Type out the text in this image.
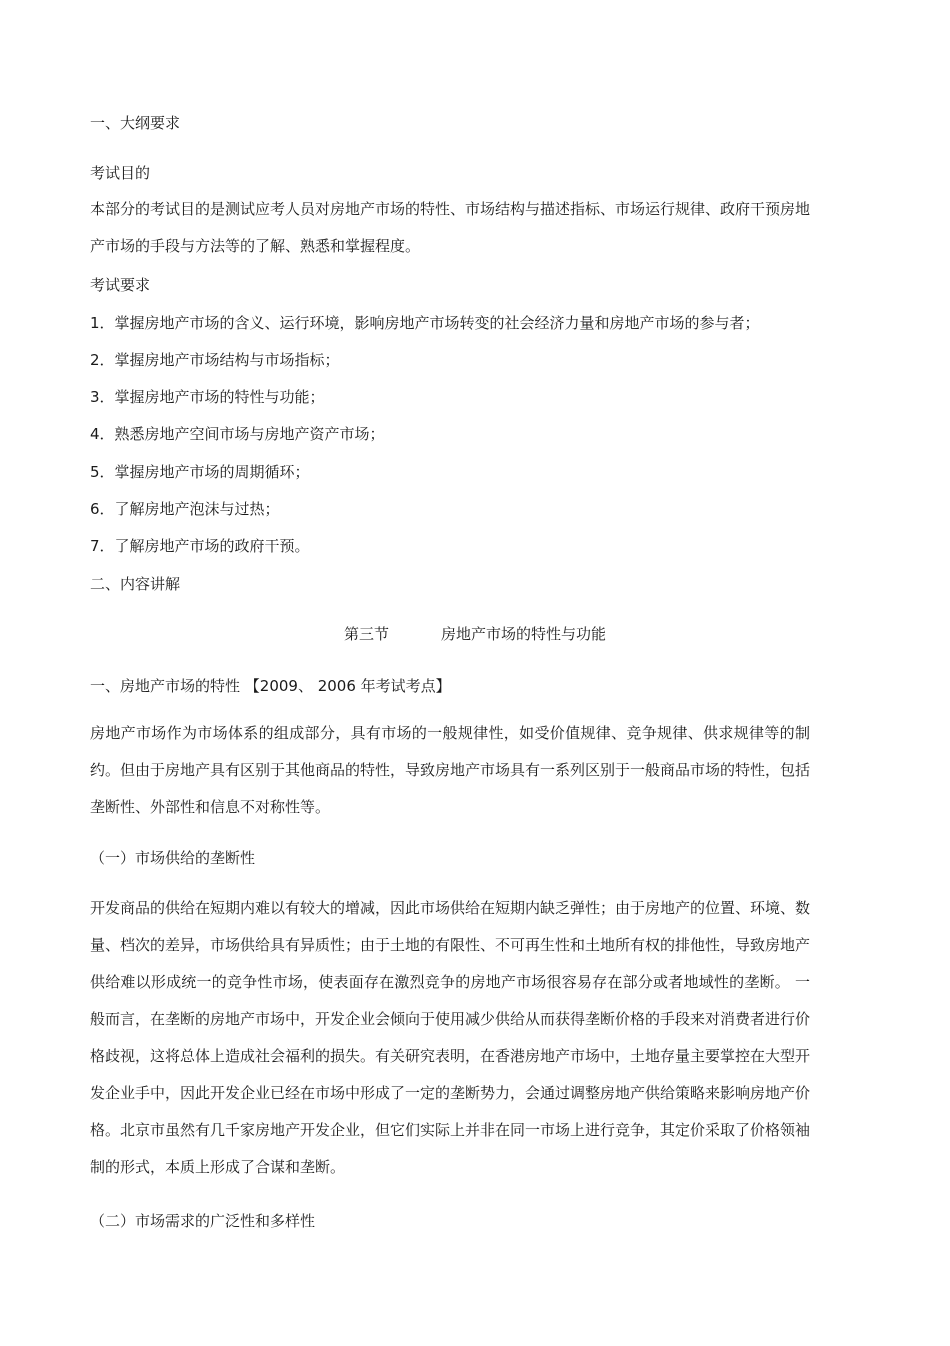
一、大纲要求
考试目的
本部分的考试目的是测试应考人员对房地产市场的特性、市场结构与描述指标、市场运行规律、政府干预房地产市场的手段与方法等的了解、熟悉和掌握程度。
考试要求
1．掌握房地产市场的含义、运行环境，影响房地产市场转变的社会经济力量和房地产市场的参与者；
2．掌握房地产市场结构与市场指标；
3．掌握房地产市场的特性与功能；
4．熟悉房地产空间市场与房地产资产市场；
5．掌握房地产市场的周期循环；
6．了解房地产泡沫与过热；
7．了解房地产市场的政府干预。
二、内容讲解
第三节	房地产市场的特性与功能
一、房地产市场的特性 【2009、 2006 年考试考点】
房地产市场作为市场体系的组成部分，具有市场的一般规律性，如受价值规律、竞争规律、供求规律等的制约。但由于房地产具有区别于其他商品的特性，导致房地产市场具有一系列区别于一般商品市场的特性，包括垄断性、外部性和信息不对称性等。
（一）市场供给的垄断性
开发商品的供给在短期内难以有较大的增减，因此市场供给在短期内缺乏弹性；由于房地产的位置、环境、数量、档次的差异，市场供给具有异质性；由于土地的有限性、不可再生性和土地所有权的排他性，导致房地产供给难以形成统一的竞争性市场，使表面存在激烈竞争的房地产市场很容易存在部分或者地域性的垄断。 一般而言，在垄断的房地产市场中，开发企业会倾向于使用减少供给从而获得垄断价格的手段来对消费者进行价格歧视，这将总体上造成社会福利的损失。有关研究表明，在香港房地产市场中，土地存量主要掌控在大型开发企业手中，因此开发企业已经在市场中形成了一定的垄断势力，会通过调整房地产供给策略来影响房地产价格。北京市虽然有几千家房地产开发企业，但它们实际上并非在同一市场上进行竞争，其定价采取了价格领袖制的形式，本质上形成了合谋和垄断。
（二）市场需求的广泛性和多样性
